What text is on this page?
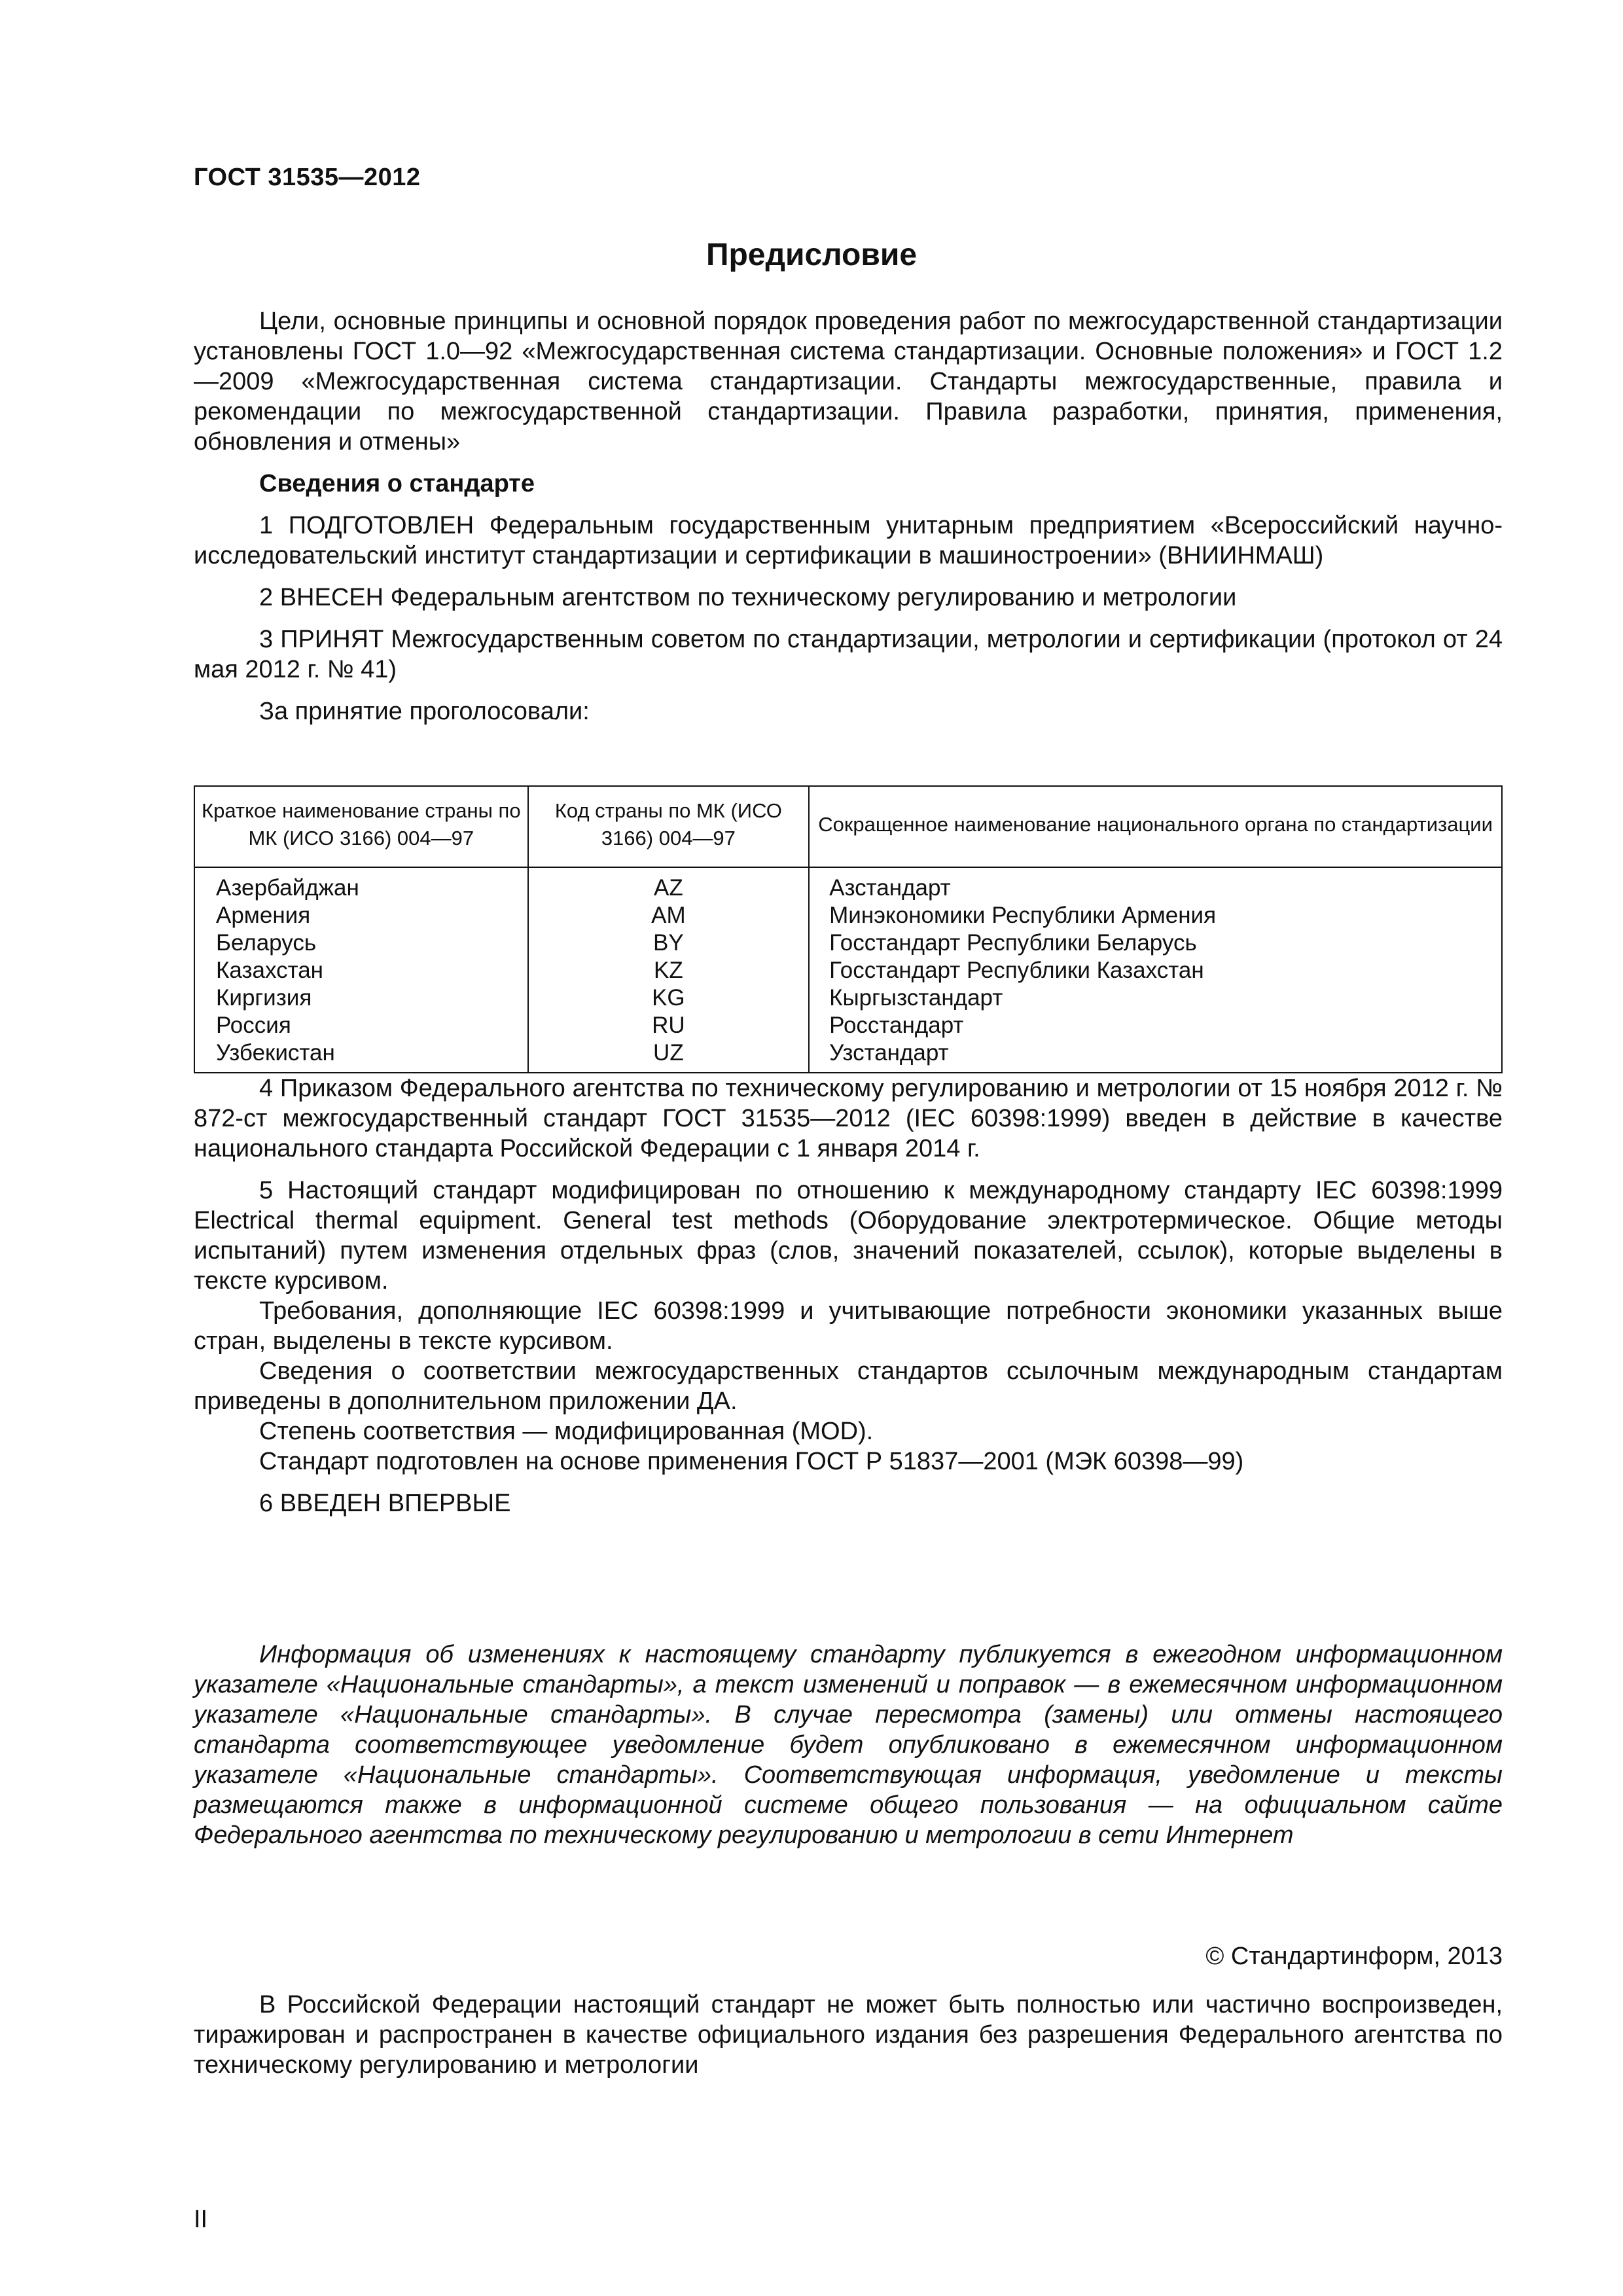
ГОСТ 31535—2012
Предисловие

Цели, основные принципы и основной порядок проведения работ по межгосударственной стандартизации установлены ГОСТ 1.0—92 «Межгосударственная система стандартизации. Основные положения» и ГОСТ 1.2—2009 «Межгосударственная система стандартизации. Стандарты межгосударственные, правила и рекомендации по межгосударственной стандартизации. Правила разработки, принятия, применения, обновления и отмены»

Сведения о стандарте

1 ПОДГОТОВЛЕН Федеральным государственным унитарным предприятием «Всероссийский научно-исследовательский институт стандартизации и сертификации в машиностроении» (ВНИИНМАШ)

2 ВНЕСЕН Федеральным агентством по техническому регулированию и метрологии

3 ПРИНЯТ Межгосударственным советом по стандартизации, метрологии и сертификации (протокол от 24 мая 2012 г. № 41)

За принятие проголосовали:

Краткое наименование страны по МК (ИСО 3166) 004—97	Код страны по МК (ИСО 3166) 004—97	Сокращенное наименование национального органа по стандартизации
Азербайджан	AZ	Азстандарт
Армения	AM	Минэкономики Республики Армения
Беларусь	BY	Госстандарт Республики Беларусь
Казахстан	KZ	Госстандарт Республики Казахстан
Киргизия	KG	Кыргызстандарт
Россия	RU	Росстандарт
Узбекистан	UZ	Узстандарт

4 Приказом Федерального агентства по техническому регулированию и метрологии от 15 ноября 2012 г. № 872-ст межгосударственный стандарт ГОСТ 31535—2012 (IEC 60398:1999) введен в действие в качестве национального стандарта Российской Федерации с 1 января 2014 г.

5 Настоящий стандарт модифицирован по отношению к международному стандарту IEC 60398:1999 Electrical thermal equipment. General test methods (Оборудование электротермическое. Общие методы испытаний) путем изменения отдельных фраз (слов, значений показателей, ссылок), которые выделены в тексте курсивом.

Требования, дополняющие IEC 60398:1999 и учитывающие потребности экономики указанных выше стран, выделены в тексте курсивом.

Сведения о соответствии межгосударственных стандартов ссылочным международным стандартам приведены в дополнительном приложении ДА.

Степень соответствия — модифицированная (MOD).

Стандарт подготовлен на основе применения ГОСТ Р 51837—2001 (МЭК 60398—99)

6 ВВЕДЕН ВПЕРВЫЕ

Информация об изменениях к настоящему стандарту публикуется в ежегодном информационном указателе «Национальные стандарты», а текст изменений и поправок — в ежемесячном информационном указателе «Национальные стандарты». В случае пересмотра (замены) или отмены настоящего стандарта соответствующее уведомление будет опубликовано в ежемесячном информационном указателе «Национальные стандарты». Соответствующая информация, уведомление и тексты размещаются также в информационной системе общего пользования — на официальном сайте Федерального агентства по техническому регулированию и метрологии в сети Интернет

© Стандартинформ, 2013

В Российской Федерации настоящий стандарт не может быть полностью или частично воспроизведен, тиражирован и распространен в качестве официального издания без разрешения Федерального агентства по техническому регулированию и метрологии

II
